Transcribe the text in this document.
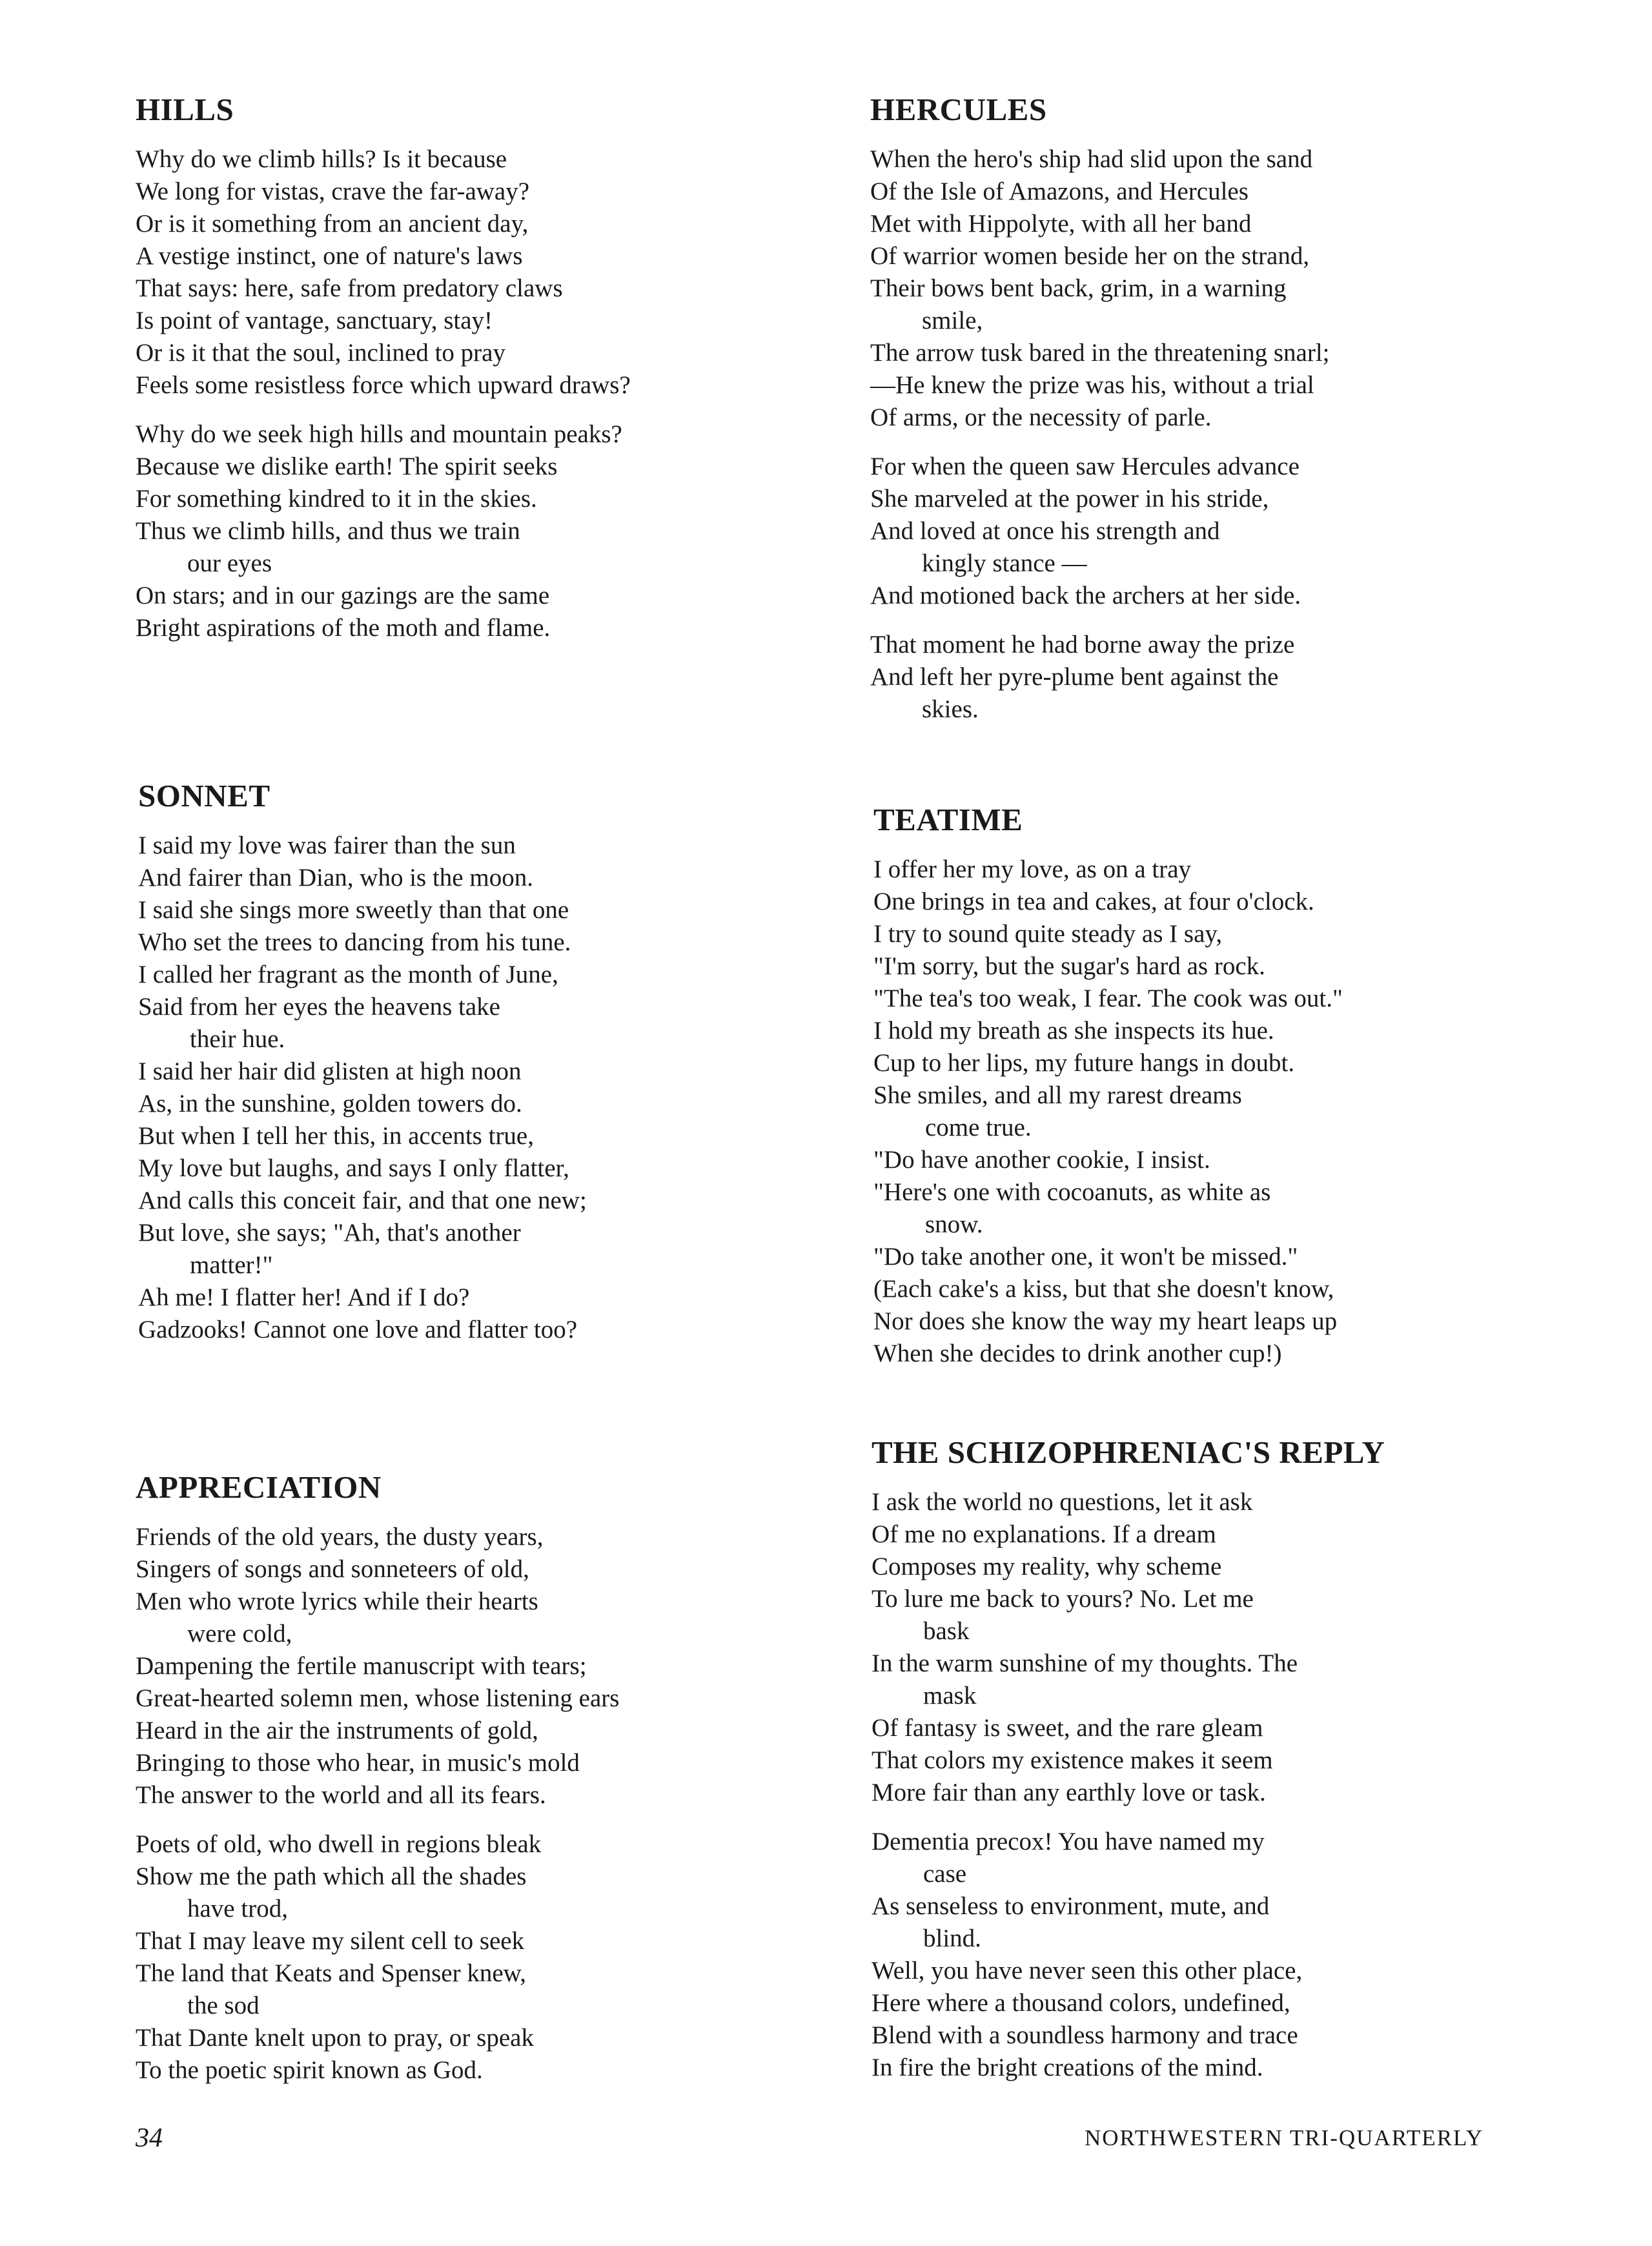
HILLS
Why do we climb hills? Is it because
We long for vistas, crave the far-away?
Or is it something from an ancient day,
A vestige instinct, one of nature's laws
That says: here, safe from predatory claws
Is point of vantage, sanctuary, stay!
Or is it that the soul, inclined to pray
Feels some resistless force which upward draws?
Why do we seek high hills and mountain peaks?
Because we dislike earth! The spirit seeks
For something kindred to it in the skies.
Thus we climb hills, and thus we train
our eyes
On stars; and in our gazings are the same
Bright aspirations of the moth and flame.
HERCULES
When the hero's ship had slid upon the sand
Of the Isle of Amazons, and Hercules
Met with Hippolyte, with all her band
Of warrior women beside her on the strand,
Their bows bent back, grim, in a warning
smile,
The arrow tusk bared in the threatening snarl;
—He knew the prize was his, without a trial
Of arms, or the necessity of parle.
For when the queen saw Hercules advance
She marveled at the power in his stride,
And loved at once his strength and
kingly stance —
And motioned back the archers at her side.
That moment he had borne away the prize
And left her pyre-plume bent against the
skies.
SONNET
I said my love was fairer than the sun
And fairer than Dian, who is the moon.
I said she sings more sweetly than that one
Who set the trees to dancing from his tune.
I called her fragrant as the month of June,
Said from her eyes the heavens take
their hue.
I said her hair did glisten at high noon
As, in the sunshine, golden towers do.
But when I tell her this, in accents true,
My love but laughs, and says I only flatter,
And calls this conceit fair, and that one new;
But love, she says; "Ah, that's another
matter!"
Ah me! I flatter her! And if I do?
Gadzooks! Cannot one love and flatter too?
TEATIME
I offer her my love, as on a tray
One brings in tea and cakes, at four o'clock.
I try to sound quite steady as I say,
"I'm sorry, but the sugar's hard as rock.
"The tea's too weak, I fear. The cook was out."
I hold my breath as she inspects its hue.
Cup to her lips, my future hangs in doubt.
She smiles, and all my rarest dreams
come true.
"Do have another cookie, I insist.
"Here's one with cocoanuts, as white as
snow.
"Do take another one, it won't be missed."
(Each cake's a kiss, but that she doesn't know,
Nor does she know the way my heart leaps up
When she decides to drink another cup!)
APPRECIATION
Friends of the old years, the dusty years,
Singers of songs and sonneteers of old,
Men who wrote lyrics while their hearts
were cold,
Dampening the fertile manuscript with tears;
Great-hearted solemn men, whose listening ears
Heard in the air the instruments of gold,
Bringing to those who hear, in music's mold
The answer to the world and all its fears.
Poets of old, who dwell in regions bleak
Show me the path which all the shades
have trod,
That I may leave my silent cell to seek
The land that Keats and Spenser knew,
the sod
That Dante knelt upon to pray, or speak
To the poetic spirit known as God.
THE SCHIZOPHRENIAC'S REPLY
I ask the world no questions, let it ask
Of me no explanations. If a dream
Composes my reality, why scheme
To lure me back to yours? No. Let me
bask
In the warm sunshine of my thoughts. The
mask
Of fantasy is sweet, and the rare gleam
That colors my existence makes it seem
More fair than any earthly love or task.
Dementia precox! You have named my
case
As senseless to environment, mute, and
blind.
Well, you have never seen this other place,
Here where a thousand colors, undefined,
Blend with a soundless harmony and trace
In fire the bright creations of the mind.
34	NORTHWESTERN TRI-QUARTERLY
